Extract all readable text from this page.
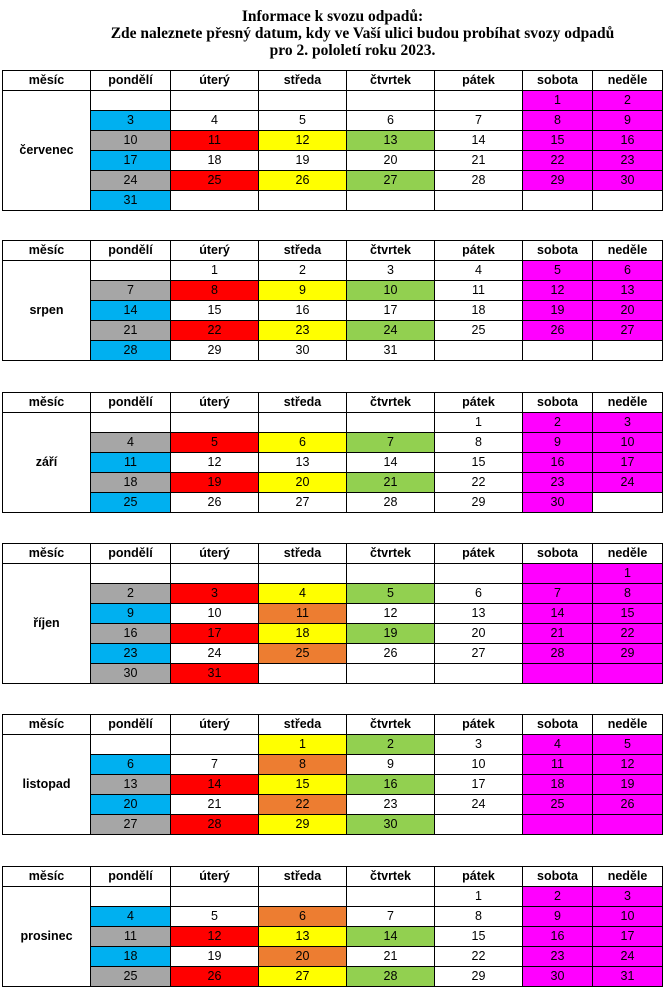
Informace k svozu odpadů:
Zde naleznete přesný datum, kdy ve Vaší ulici budou probíhat svozy odpadů
pro 2. pololetí roku 2023.
měsíc	pondělí	úterý	středa	čtvrtek	pátek	sobota	neděle
červenec						1	2
	3	4	5	6	7	8	9
	10	11	12	13	14	15	16
	17	18	19	20	21	22	23
	24	25	26	27	28	29	30
	31						
měsíc	pondělí	úterý	středa	čtvrtek	pátek	sobota	neděle
srpen		1	2	3	4	5	6
	7	8	9	10	11	12	13
	14	15	16	17	18	19	20
	21	22	23	24	25	26	27
	28	29	30	31			
měsíc	pondělí	úterý	středa	čtvrtek	pátek	sobota	neděle
září					1	2	3
	4	5	6	7	8	9	10
	11	12	13	14	15	16	17
	18	19	20	21	22	23	24
	25	26	27	28	29	30	
měsíc	pondělí	úterý	středa	čtvrtek	pátek	sobota	neděle
říjen							1
	2	3	4	5	6	7	8
	9	10	11	12	13	14	15
	16	17	18	19	20	21	22
	23	24	25	26	27	28	29
	30	31					
měsíc	pondělí	úterý	středa	čtvrtek	pátek	sobota	neděle
listopad			1	2	3	4	5
	6	7	8	9	10	11	12
	13	14	15	16	17	18	19
	20	21	22	23	24	25	26
	27	28	29	30			
měsíc	pondělí	úterý	středa	čtvrtek	pátek	sobota	neděle
prosinec					1	2	3
	4	5	6	7	8	9	10
	11	12	13	14	15	16	17
	18	19	20	21	22	23	24
	25	26	27	28	29	30	31
